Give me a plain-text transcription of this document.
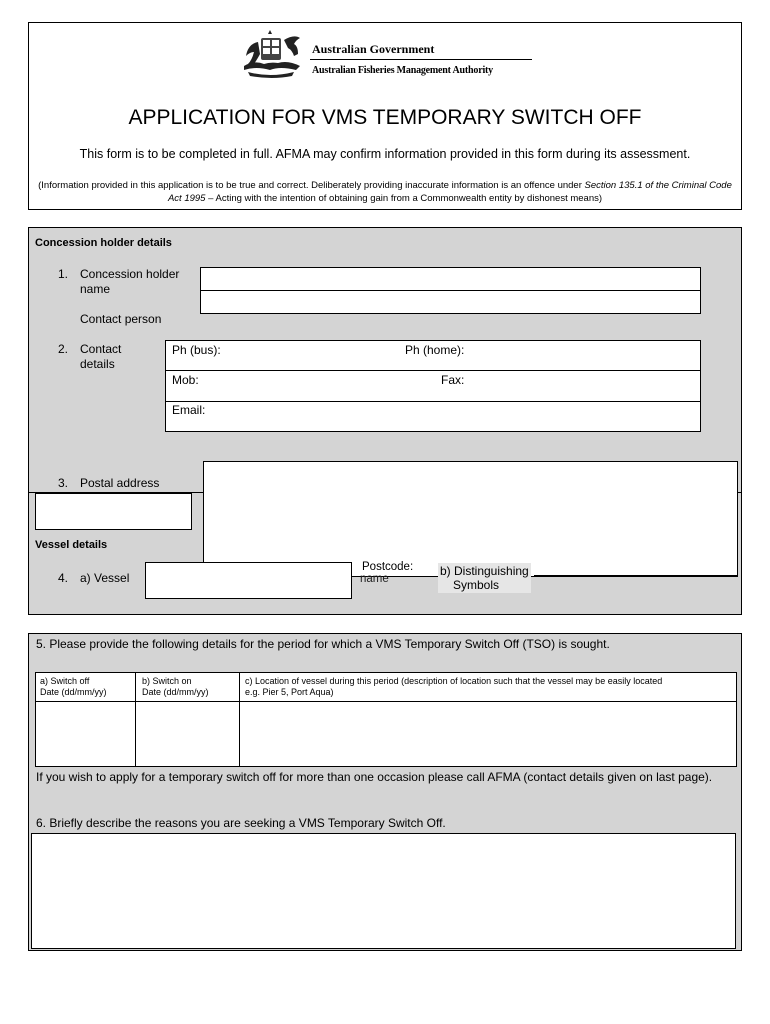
Australian Government
Australian Fisheries Management Authority
APPLICATION FOR VMS TEMPORARY SWITCH OFF
This form is to be completed in full. AFMA may confirm information provided in this form during its assessment.
(Information provided in this application is to be true and correct. Deliberately providing inaccurate information is an offence under Section 135.1 of the Criminal Code Act 1995 – Acting with the intention of obtaining gain from a Commonwealth entity by dishonest means)
Concession holder details
1. Concession holder name
Contact person
2. Contact details
Ph (bus):	Ph (home):
Mob:	Fax:
Email:
3. Postal address
Vessel details
4. a) Vessel
Postcode:
name
b) Distinguishing
Symbols
5. Please provide the following details for the period for which a VMS Temporary Switch Off (TSO) is sought.
a) Switch off
Date (dd/mm/yy)
b) Switch on
Date (dd/mm/yy)
c) Location of vessel during this period (description of location such that the vessel may be easily located
e.g. Pier 5, Port Aqua)
If you wish to apply for a temporary switch off for more than one occasion please call AFMA (contact details given on last page).
6. Briefly describe the reasons you are seeking a VMS Temporary Switch Off.
